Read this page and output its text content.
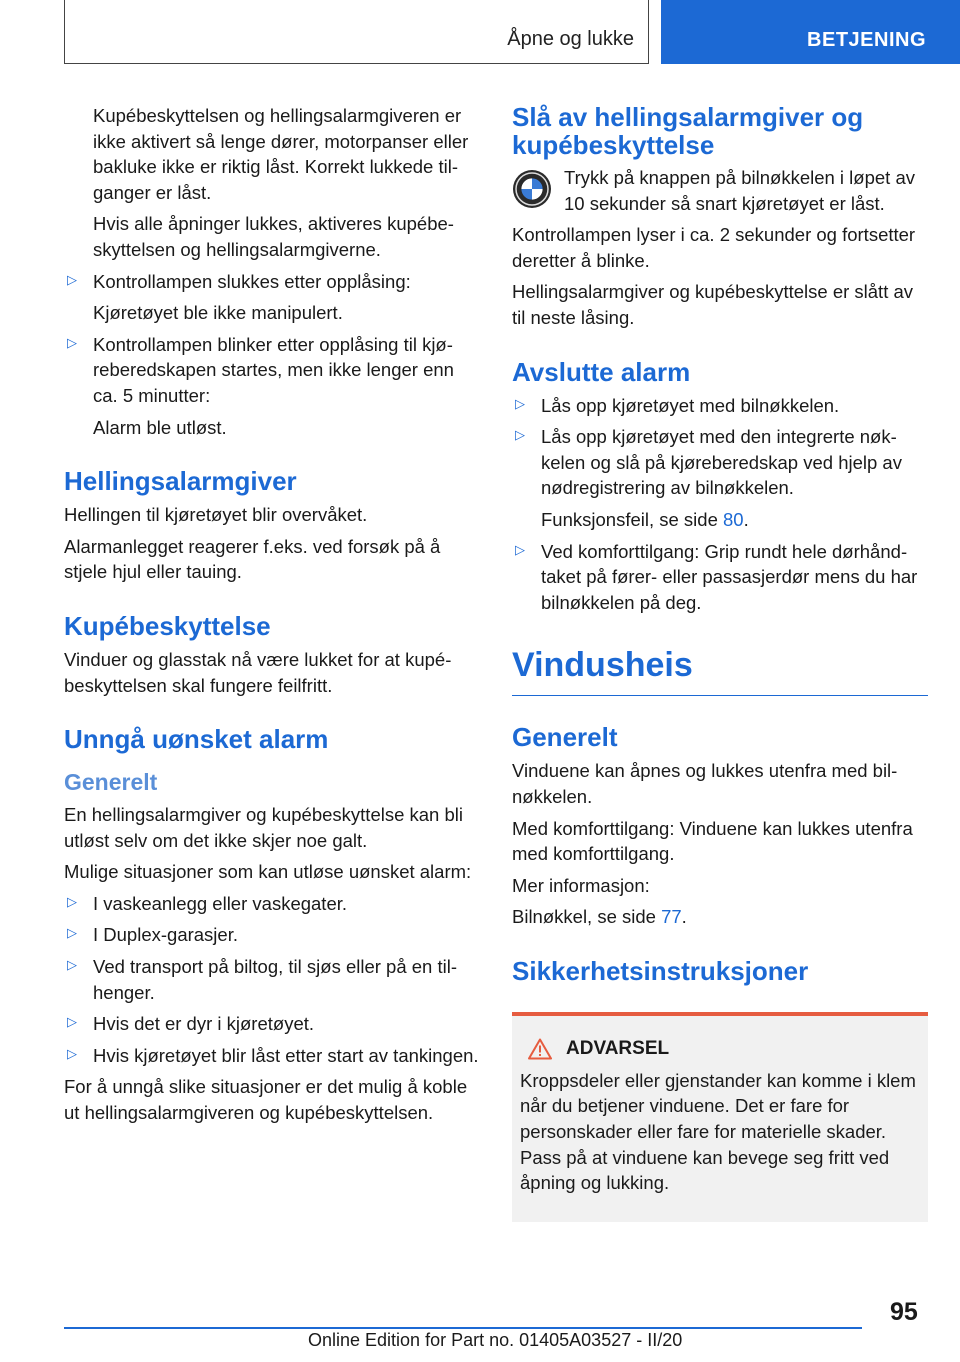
Åpne og lukke	BETJENING

Kupébeskyttelsen og hellingsalarmgiveren er ikke aktivert så lenge dører, motorpanser eller bakluke ikke er riktig låst. Korrekt lukkede tilganger er låst.

Hvis alle åpninger lukkes, aktiveres kupébeskyttelsen og hellingsalarmgiverne.

▷ Kontrollampen slukkes etter opplåsing:

Kjøretøyet ble ikke manipulert.

▷ Kontrollampen blinker etter opplåsing til kjøreberedskapen startes, men ikke lenger enn ca. 5 minutter:

Alarm ble utløst.

Hellingsalarmgiver

Hellingen til kjøretøyet blir overvåket.

Alarmanlegget reagerer f.eks. ved forsøk på å stjele hjul eller tauing.

Kupébeskyttelse

Vinduer og glasstak nå være lukket for at kupébeskyttelsen skal fungere feilfritt.

Unngå uønsket alarm
Generelt

En hellingsalarmgiver og kupébeskyttelse kan bli utløst selv om det ikke skjer noe galt.

Mulige situasjoner som kan utløse uønsket alarm:

▷ I vaskeanlegg eller vaskegater.

▷ I Duplex-garasjer.

▷ Ved transport på biltog, til sjøs eller på en tilhenger.

▷ Hvis det er dyr i kjøretøyet.

▷ Hvis kjøretøyet blir låst etter start av tankingen.

For å unngå slike situasjoner er det mulig å koble ut hellingsalarmgiveren og kupébeskyttelsen.

Slå av hellingsalarmgiver og kupébeskyttelse

Trykk på knappen på bilnøkkelen i løpet av 10 sekunder så snart kjøretøyet er låst.

Kontrollampen lyser i ca. 2 sekunder og fortsetter deretter å blinke.

Hellingsalarmgiver og kupébeskyttelse er slått av til neste låsing.

Avslutte alarm
▷ Lås opp kjøretøyet med bilnøkkelen.

▷ Lås opp kjøretøyet med den integrerte nøkkelen og slå på kjøreberedskap ved hjelp av nødregistrering av bilnøkkelen.

Funksjonsfeil, se side 80.

▷ Ved komforttilgang: Grip rundt hele dørhåndtaket på fører- eller passasjerdør mens du har bilnøkkelen på deg.

Vindusheis
Generelt

Vinduene kan åpnes og lukkes utenfra med bilnøkkelen.

Med komforttilgang: Vinduene kan lukkes utenfra med komforttilgang.

Mer informasjon:

Bilnøkkel, se side 77.

Sikkerhetsinstruksjoner
ADVARSEL

Kroppsdeler eller gjenstander kan komme i klem når du betjener vinduene. Det er fare for personskader eller fare for materielle skader. Pass på at vinduene kan bevege seg fritt ved åpning og lukking.

95
Online Edition for Part no. 01405A03527 - II/20
